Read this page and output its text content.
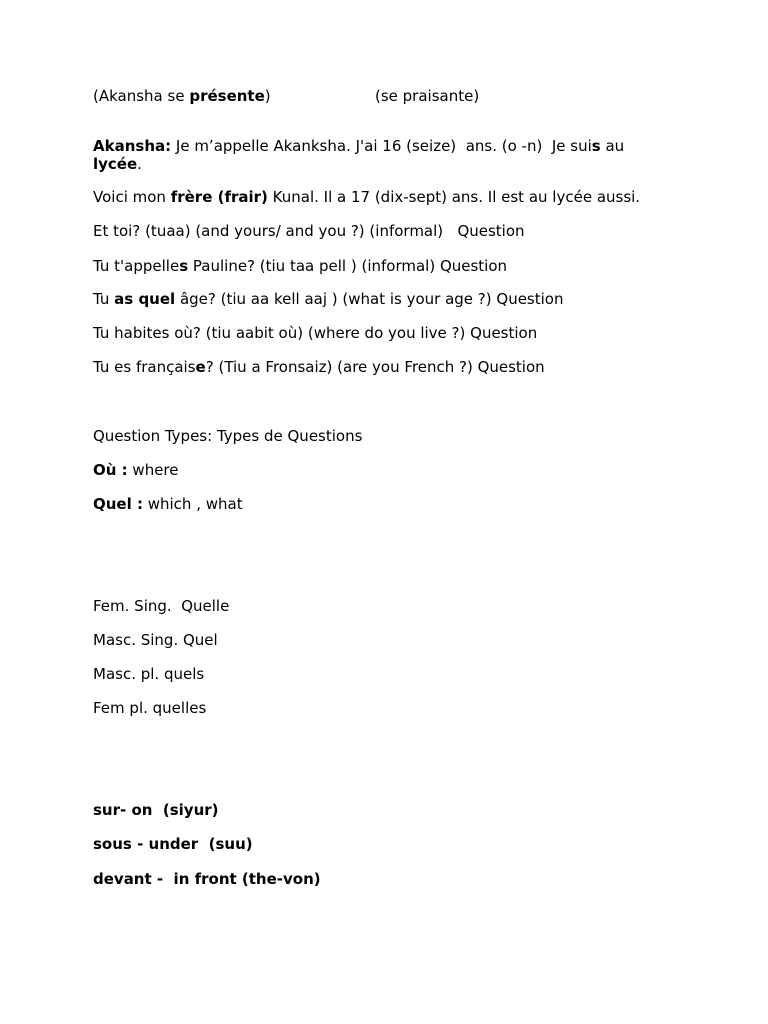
(Akansha se présente)	(se praisante)
Akansha: Je m’appelle Akanksha. J'ai 16 (seize)  ans. (o -n)  Je suis au
lycée.
Voici mon frère (frair) Kunal. Il a 17 (dix-sept) ans. Il est au lycée aussi.
Et toi? (tuaa) (and yours/ and you ?) (informal)   Question
Tu t'appelles Pauline? (tiu taa pell ) (informal) Question
Tu as quel âge? (tiu aa kell aaj ) (what is your age ?) Question
Tu habites où? (tiu aabit où) (where do you live ?) Question
Tu es française? (Tiu a Fronsaiz) (are you French ?) Question
Question Types: Types de Questions
Où : where
Quel : which , what
Fem. Sing.  Quelle
Masc. Sing. Quel
Masc. pl. quels
Fem pl. quelles
sur- on  (siyur)
sous - under  (suu)
devant -  in front (the-von)
